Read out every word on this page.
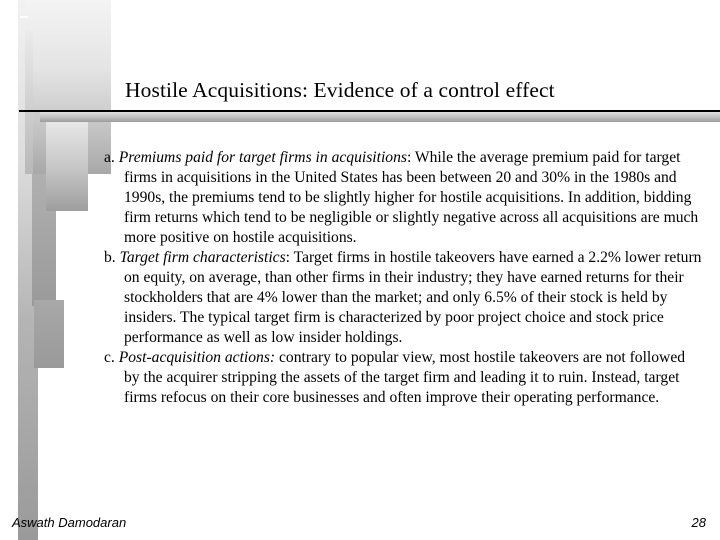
Hostile Acquisitions: Evidence of a control effect

a. Premiums paid for target firms in acquisitions: While the average premium paid for target firms in acquisitions in the United States has been between 20 and 30% in the 1980s and 1990s, the premiums tend to be slightly higher for hostile acquisitions. In addition, bidding firm returns which tend to be negligible or slightly negative across all acquisitions are much more positive on hostile acquisitions.

b. Target firm characteristics: Target firms in hostile takeovers have earned a 2.2% lower return on equity, on average, than other firms in their industry; they have earned returns for their stockholders that are 4% lower than the market; and only 6.5% of their stock is held by insiders. The typical target firm is characterized by poor project choice and stock price performance as well as low insider holdings.

c. Post-acquisition actions: contrary to popular view, most hostile takeovers are not followed by the acquirer stripping the assets of the target firm and leading it to ruin. Instead, target firms refocus on their core businesses and often improve their operating performance.

Aswath Damodaran	28
